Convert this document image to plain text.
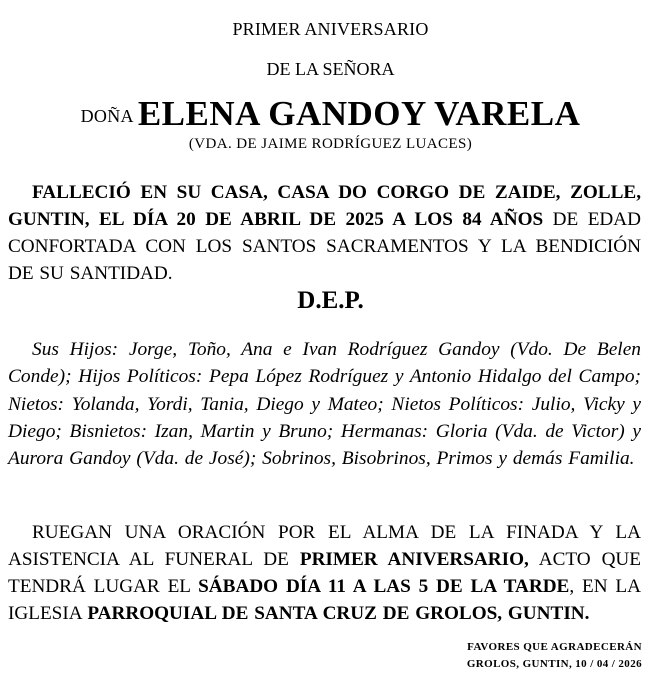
PRIMER ANIVERSARIO
DE LA SEÑORA
DOÑA ELENA GANDOY VARELA
(VDA. DE JAIME RODRÍGUEZ LUACES)
FALLECIÓ EN SU CASA, CASA DO CORGO DE ZAIDE, ZOLLE, GUNTIN, EL DÍA 20 DE ABRIL DE 2025 A LOS 84 AÑOS DE EDAD CONFORTADA CON LOS SANTOS SACRAMENTOS Y LA BENDICIÓN DE SU SANTIDAD.
D.E.P.
Sus Hijos: Jorge, Toño, Ana e Ivan Rodríguez Gandoy (Vdo. De Belen Conde); Hijos Políticos: Pepa López Rodríguez y Antonio Hidalgo del Campo; Nietos: Yolanda, Yordi, Tania, Diego y Mateo; Nietos Políticos: Julio, Vicky y Diego; Bisnietos: Izan, Martin y Bruno; Hermanas: Gloria (Vda. de Victor) y Aurora Gandoy (Vda. de José); Sobrinos, Bisobrinos, Primos y demás Familia.
RUEGAN UNA ORACIÓN POR EL ALMA DE LA FINADA Y LA ASISTENCIA AL FUNERAL DE PRIMER ANIVERSARIO, ACTO QUE TENDRÁ LUGAR EL SÁBADO DÍA 11 A LAS 5 DE LA TARDE, EN LA IGLESIA PARROQUIAL DE SANTA CRUZ DE GROLOS, GUNTIN.
FAVORES QUE AGRADECERÁN
GROLOS, GUNTIN, 10 / 04 / 2026
